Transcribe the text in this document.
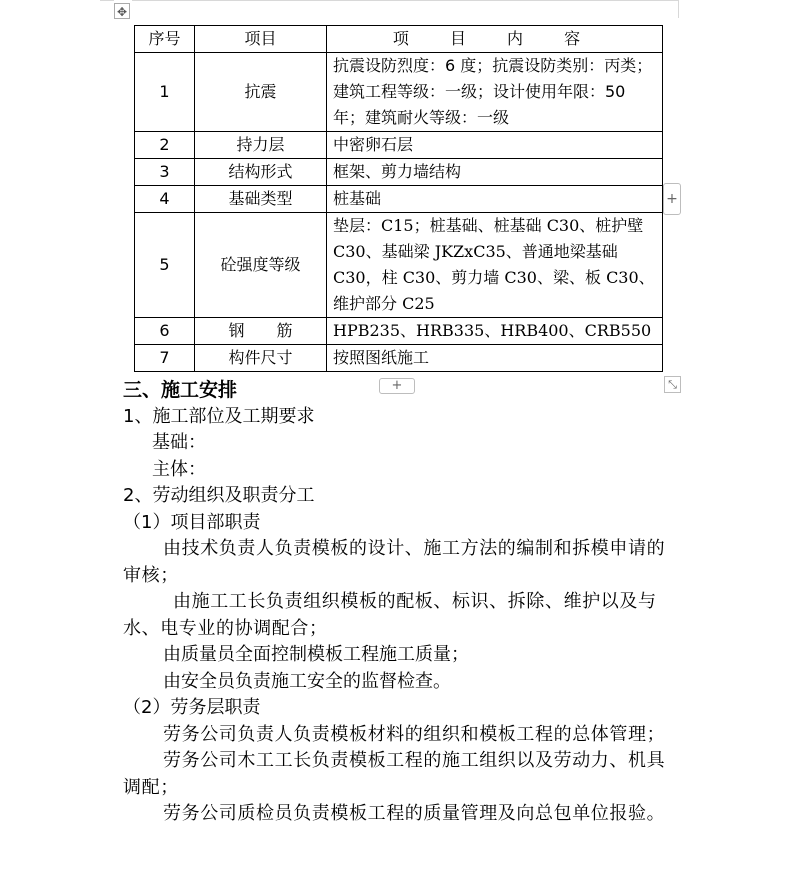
✥
序号	项目	项 目 内 容
1	抗震	抗震设防烈度：6 度；抗震设防类别：丙类；建筑工程等级：一级；设计使用年限：50 年；建筑耐火等级：一级
2	持力层	中密卵石层
3	结构形式	框架、剪力墙结构
4	基础类型	桩基础
5	砼强度等级	垫层：C15；桩基础、桩基础 C30、桩护壁 C30、基础梁 JKZxC35、普通地梁基础 C30，柱 C30、剪力墙 C30、梁、板 C30、维护部分 C25
6	钢　　筋	HPB235、HRB335、HRB400、CRB550
7	构件尺寸	按照图纸施工
+
+	⤡

三、施工安排

1、施工部位及工期要求

基础：

主体：

2、劳动组织及职责分工

（1）项目部职责

由技术负责人负责模板的设计、施工方法的编制和拆模申请的审核；

由施工工长负责组织模板的配板、标识、拆除、维护以及与水、电专业的协调配合；

由质量员全面控制模板工程施工质量；

由安全员负责施工安全的监督检查。

（2）劳务层职责

劳务公司负责人负责模板材料的组织和模板工程的总体管理；

劳务公司木工工长负责模板工程的施工组织以及劳动力、机具调配；

劳务公司质检员负责模板工程的质量管理及向总包单位报验。
